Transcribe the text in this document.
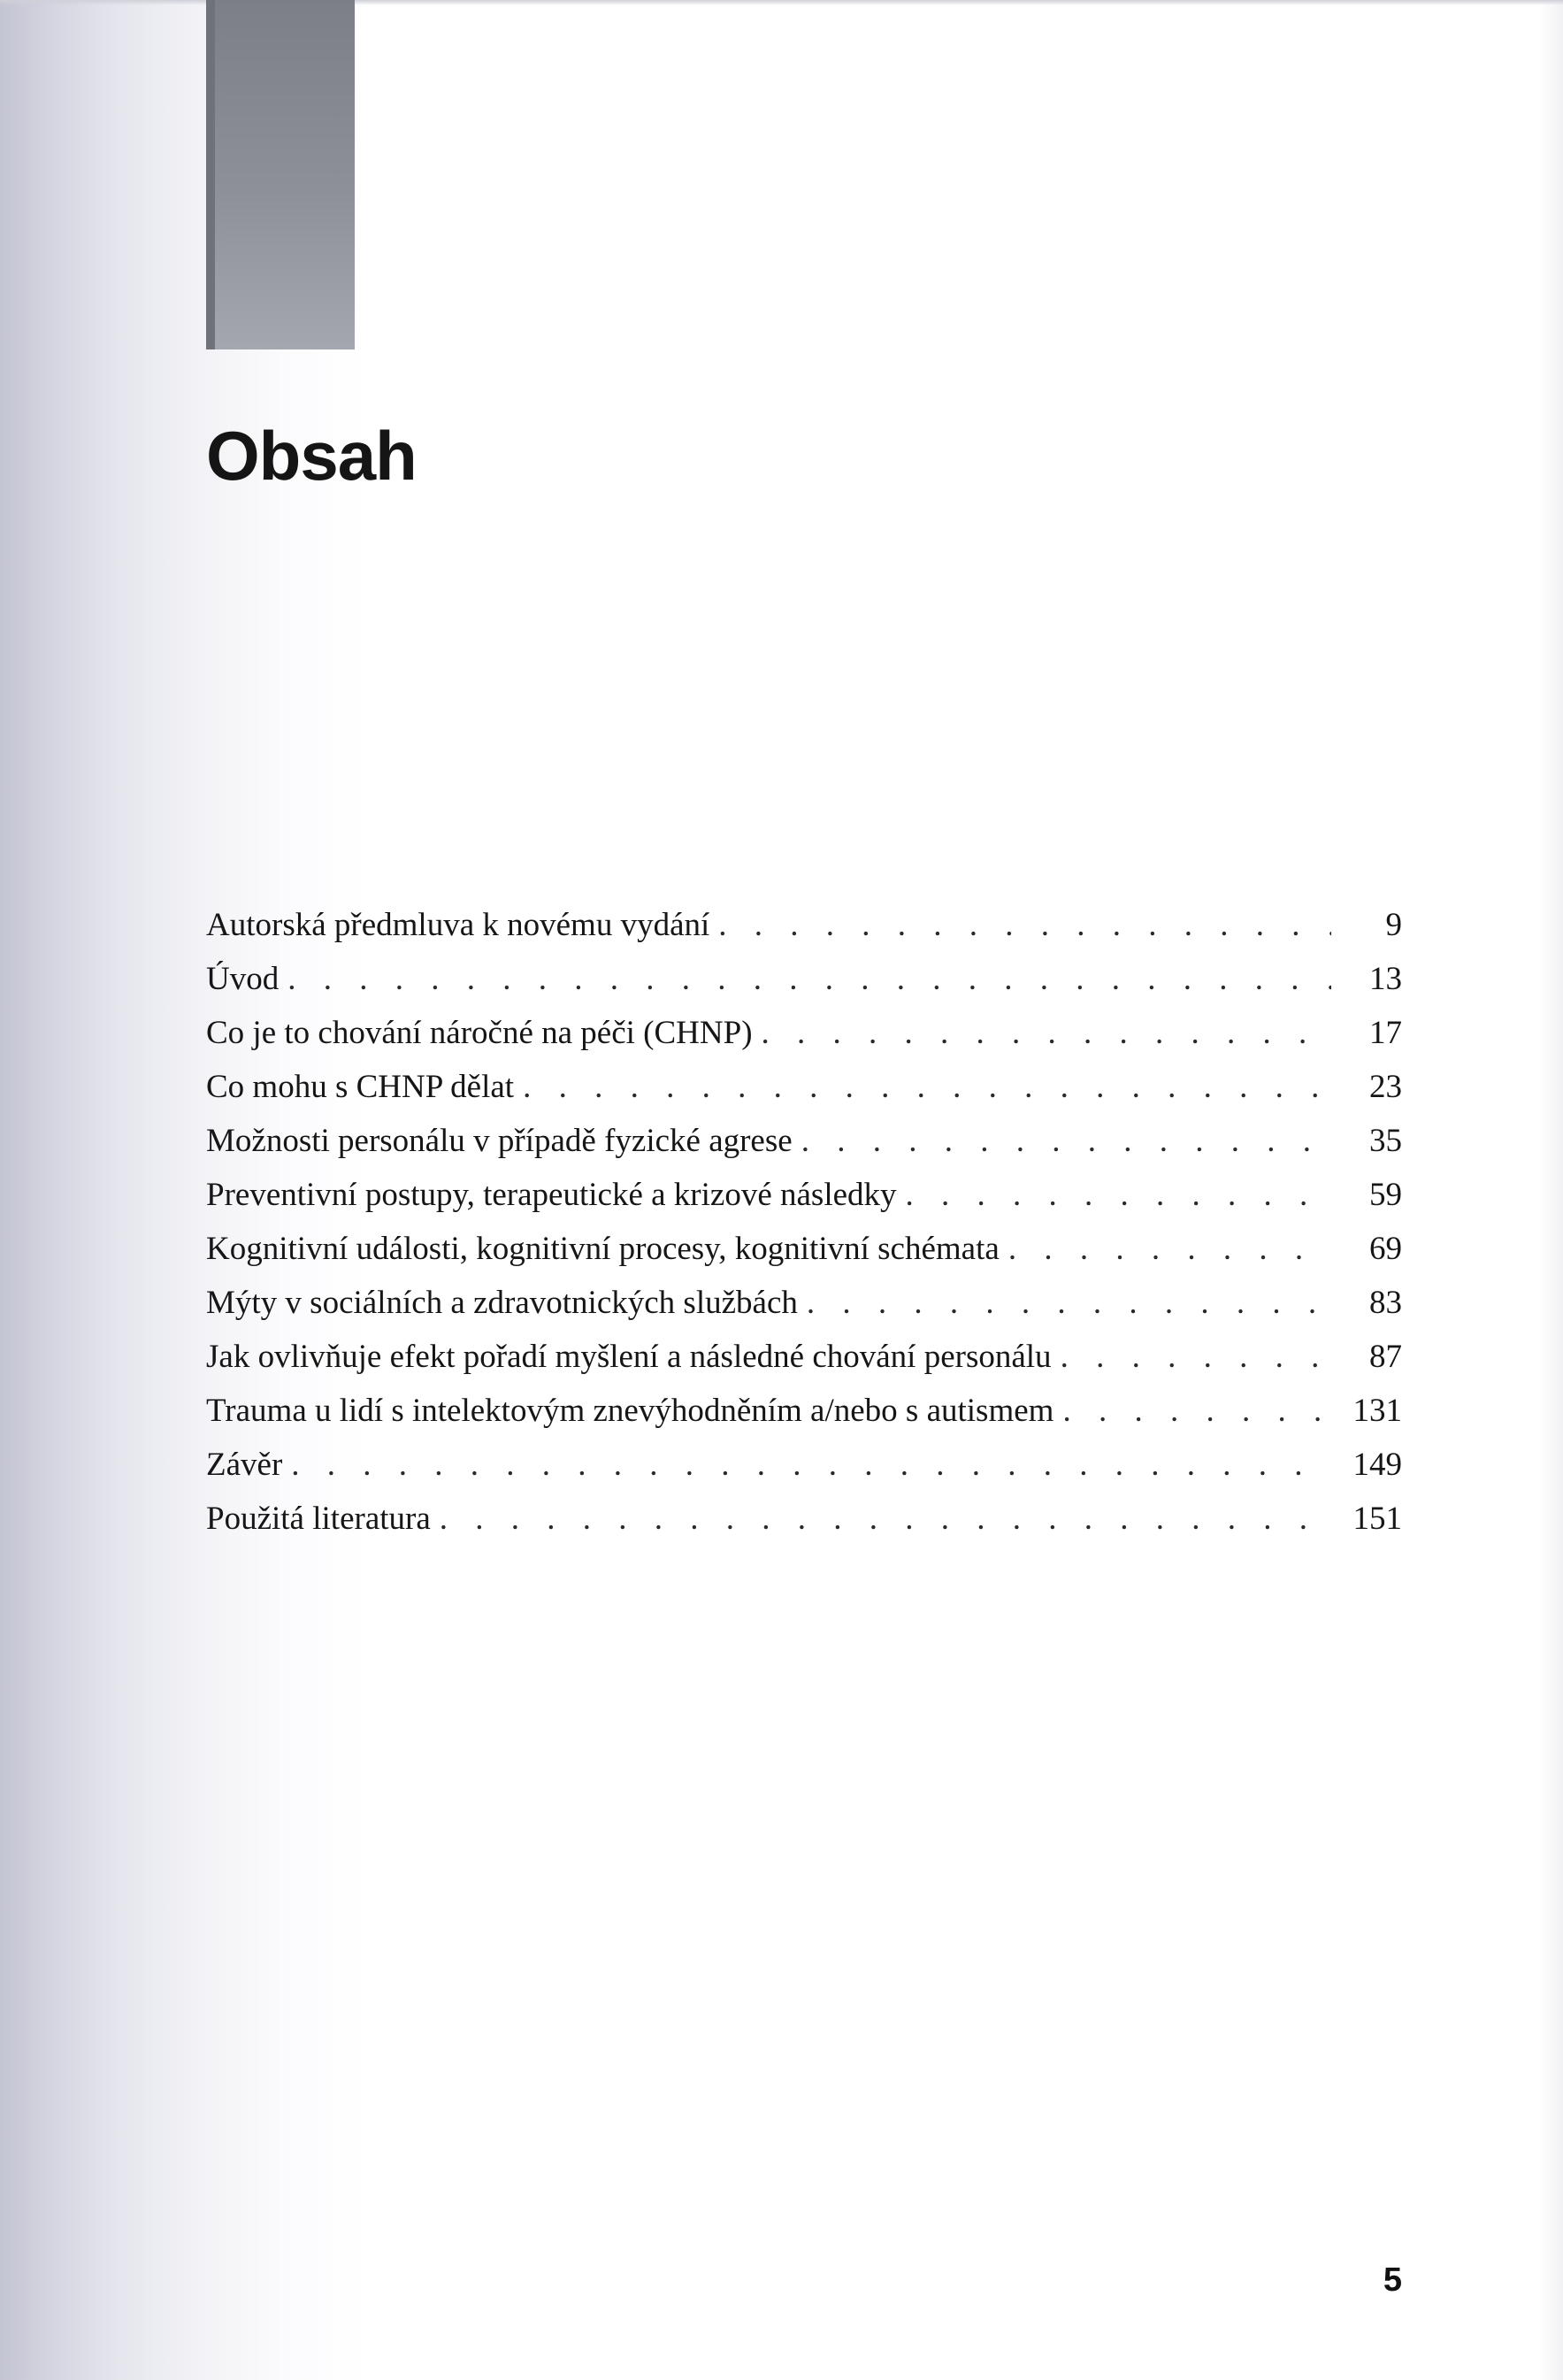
Obsah
Autorská předmluva k novému vydání . . .	9
Úvod . . .	13
Co je to chování náročné na péči (CHNP) . . .	17
Co mohu s CHNP dělat . . .	23
Možnosti personálu v případě fyzické agrese . . .	35
Preventivní postupy, terapeutické a krizové následky . . .	59
Kognitivní události, kognitivní procesy, kognitivní schémata . . .	69
Mýty v sociálních a zdravotnických službách . . .	83
Jak ovlivňuje efekt pořadí myšlení a následné chování personálu . . .	87
Trauma u lidí s intelektovým znevýhodněním a/nebo s autismem . . .	131
Závěr . . .	149
Použitá literatura . . .	151

5
